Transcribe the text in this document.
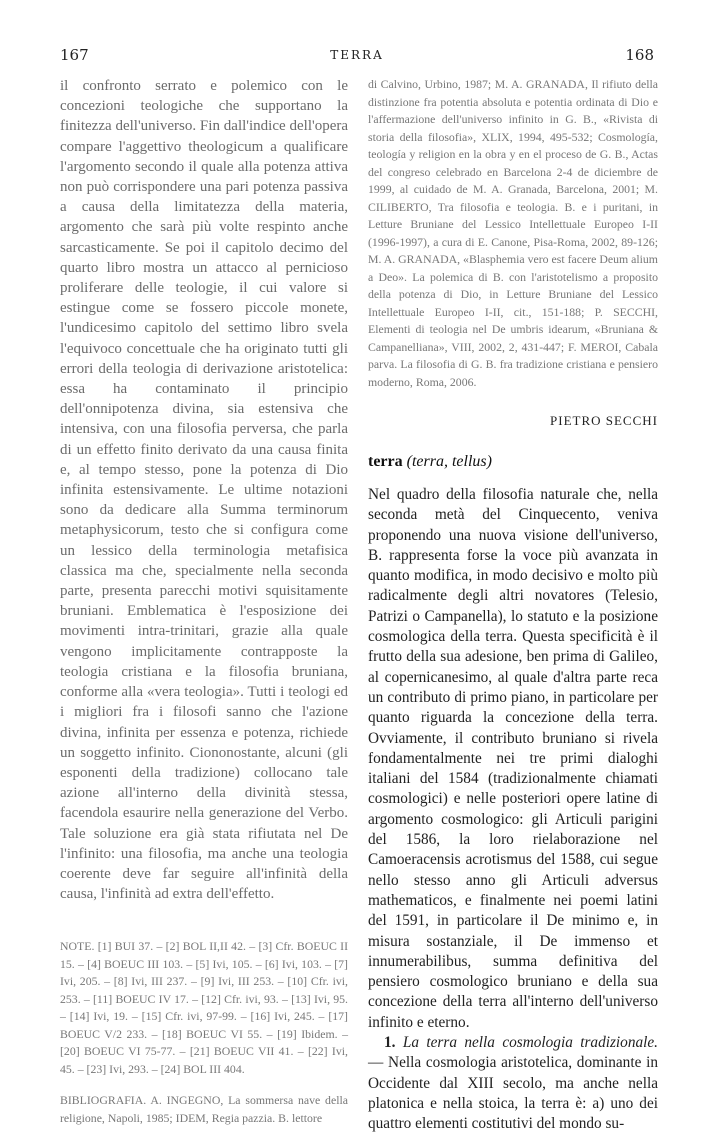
167	TERRA	168

il confronto serrato e polemico con le concezioni teologiche che supportano la finitezza dell'universo. Fin dall'indice dell'opera compare l'aggettivo theologicum a qualificare l'argomento secondo il quale alla potenza attiva non può corrispondere una pari potenza passiva a causa della limitatezza della materia, argomento che sarà più volte respinto anche sarcasticamente. Se poi il capitolo decimo del quarto libro mostra un attacco al pernicioso proliferare delle teologie, il cui valore si estingue come se fossero piccole monete, l'undicesimo capitolo del settimo libro svela l'equivoco concettuale che ha originato tutti gli errori della teologia di derivazione aristotelica: essa ha contaminato il principio dell'onnipotenza divina, sia estensiva che intensiva, con una filosofia perversa, che parla di un effetto finito derivato da una causa finita e, al tempo stesso, pone la potenza di Dio infinita estensivamente. Le ultime notazioni sono da dedicare alla Summa terminorum metaphysicorum, testo che si configura come un lessico della terminologia metafisica classica ma che, specialmente nella seconda parte, presenta parecchi motivi squisitamente bruniani. Emblematica è l'esposizione dei movimenti intra-trinitari, grazie alla quale vengono implicitamente contrapposte la teologia cristiana e la filosofia bruniana, conforme alla «vera teologia». Tutti i teologi ed i migliori fra i filosofi sanno che l'azione divina, infinita per essenza e potenza, richiede un soggetto infinito. Ciononostante, alcuni (gli esponenti della tradizione) collocano tale azione all'interno della divinità stessa, facendola esaurire nella generazione del Verbo. Tale soluzione era già stata rifiutata nel De l'infinito: una filosofia, ma anche una teologia coerente deve far seguire all'infinità della causa, l'infinità ad extra dell'effetto.

NOTE. [1] BUI 37. – [2] BOL II,II 42. – [3] Cfr. BOEUC II 15. – [4] BOEUC III 103. – [5] Ivi, 105. – [6] Ivi, 103. – [7] Ivi, 205. – [8] Ivi, III 237. – [9] Ivi, III 253. – [10] Cfr. ivi, 253. – [11] BOEUC IV 17. – [12] Cfr. ivi, 93. – [13] Ivi, 95. – [14] Ivi, 19. – [15] Cfr. ivi, 97-99. – [16] Ivi, 245. – [17] BOEUC V/2 233. – [18] BOEUC VI 55. – [19] Ibidem. – [20] BOEUC VI 75-77. – [21] BOEUC VII 41. – [22] Ivi, 45. – [23] Ivi, 293. – [24] BOL III 404.

BIBLIOGRAFIA. A. INGEGNO, La sommersa nave della religione, Napoli, 1985; IDEM, Regia pazzia. B. lettore

di Calvino, Urbino, 1987; M. A. GRANADA, Il rifiuto della distinzione fra potentia absoluta e potentia ordinata di Dio e l'affermazione dell'universo infinito in G. B., «Rivista di storia della filosofia», XLIX, 1994, 495-532; Cosmología, teología y religion en la obra y en el proceso de G. B., Actas del congreso celebrado en Barcelona 2-4 de diciembre de 1999, al cuidado de M. A. Granada, Barcelona, 2001; M. CILIBERTO, Tra filosofia e teologia. B. e i puritani, in Letture Bruniane del Lessico Intellettuale Europeo I-II (1996-1997), a cura di E. Canone, Pisa-Roma, 2002, 89-126; M. A. GRANADA, «Blasphemia vero est facere Deum alium a Deo». La polemica di B. con l'aristotelismo a proposito della potenza di Dio, in Letture Bruniane del Lessico Intellettuale Europeo I-II, cit., 151-188; P. SECCHI, Elementi di teologia nel De umbris idearum, «Bruniana & Campanelliana», VIII, 2002, 2, 431-447; F. MEROI, Cabala parva. La filosofia di G. B. fra tradizione cristiana e pensiero moderno, Roma, 2006.

PIETRO SECCHI

terra (terra, tellus)

Nel quadro della filosofia naturale che, nella seconda metà del Cinquecento, veniva proponendo una nuova visione dell'universo, B. rappresenta forse la voce più avanzata in quanto modifica, in modo decisivo e molto più radicalmente degli altri novatores (Telesio, Patrizi o Campanella), lo statuto e la posizione cosmologica della terra. Questa specificità è il frutto della sua adesione, ben prima di Galileo, al copernicanesimo, al quale d'altra parte reca un contributo di primo piano, in particolare per quanto riguarda la concezione della terra. Ovviamente, il contributo bruniano si rivela fondamentalmente nei tre primi dialoghi italiani del 1584 (tradizionalmente chiamati cosmologici) e nelle posteriori opere latine di argomento cosmologico: gli Articuli parigini del 1586, la loro rielaborazione nel Camoeracensis acrotismus del 1588, cui segue nello stesso anno gli Articuli adversus mathematicos, e finalmente nei poemi latini del 1591, in particolare il De minimo e, in misura sostanziale, il De immenso et innumerabilibus, summa definitiva del pensiero cosmologico bruniano e della sua concezione della terra all'interno dell'universo infinito e eterno.

1. La terra nella cosmologia tradizionale. — Nella cosmologia aristotelica, dominante in Occidente dal XIII secolo, ma anche nella platonica e nella stoica, la terra è: a) uno dei quattro elementi costitutivi del mondo su-
